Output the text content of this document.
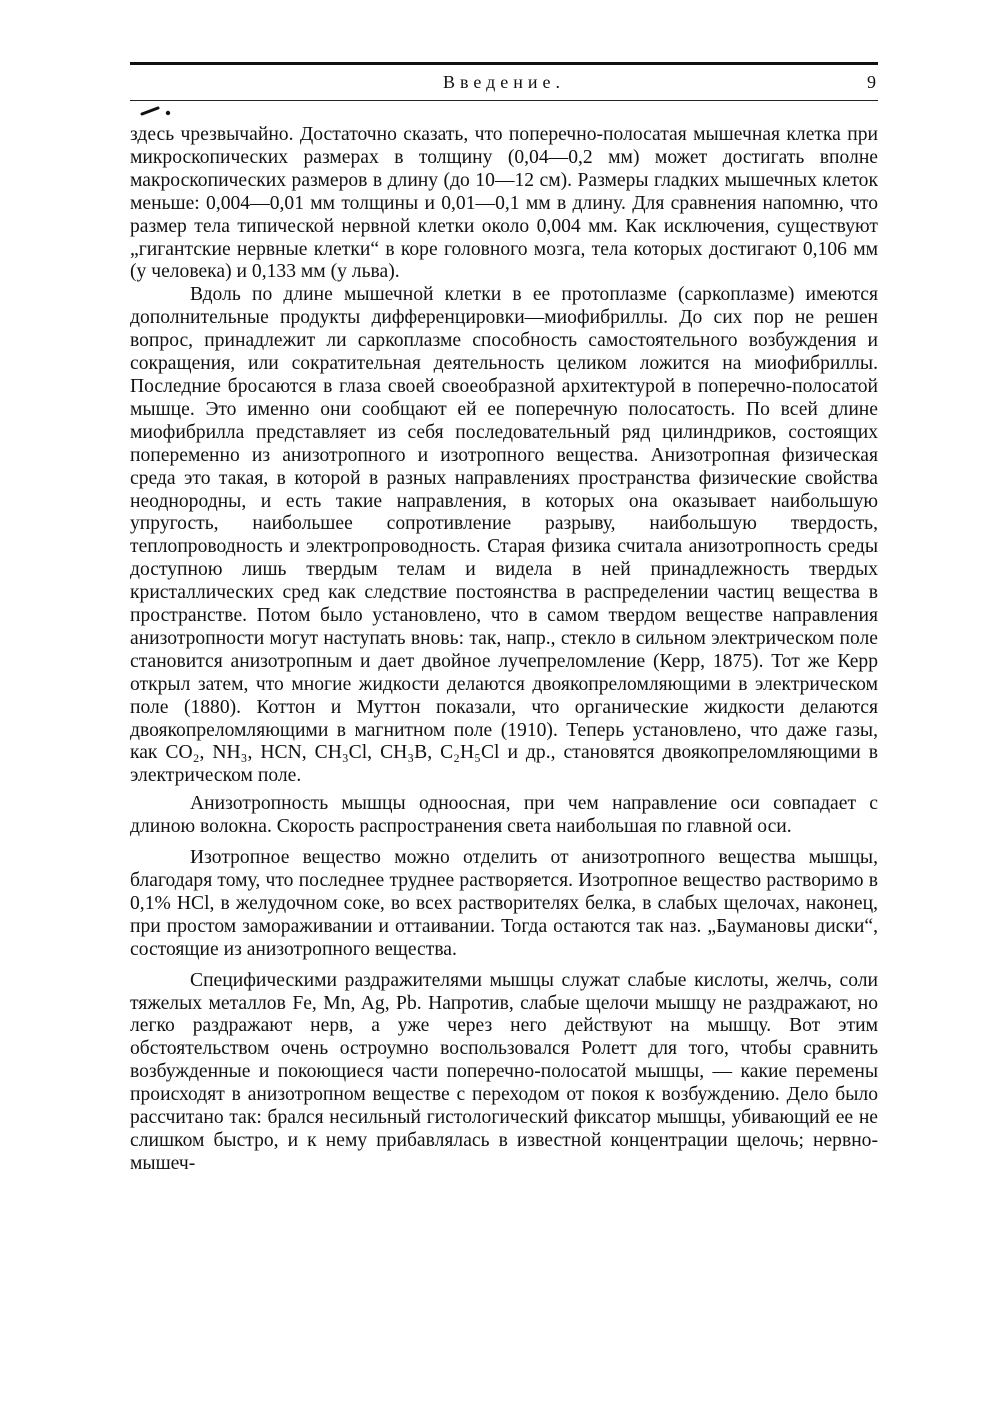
Введение.	9

здесь чрезвычайно. Достаточно сказать, что поперечно-полосатая мышечная клетка при микроскопических размерах в толщину (0,04—0,2 мм) может достигать вполне макроскопических размеров в длину (до 10—12 см). Размеры гладких мышечных клеток меньше: 0,004—0,01 мм толщины и 0,01—0,1 мм в длину. Для сравнения напомню, что размер тела типической нервной клетки около 0,004 мм. Как исключения, существуют „гигантские нервные клетки“ в коре головного мозга, тела которых достигают 0,106 мм (у человека) и 0,133 мм (у льва).

Вдоль по длине мышечной клетки в ее протоплазме (саркоплазме) имеются дополнительные продукты дифференцировки—миофибриллы. До сих пор не решен вопрос, принадлежит ли саркоплазме способность самостоятельного возбуждения и сокращения, или сократительная деятельность целиком ложится на миофибриллы. Последние бросаются в глаза своей своеобразной архитектурой в поперечно-полосатой мышце. Это именно они сообщают ей ее поперечную полосатость. По всей длине миофибрилла представляет из себя последовательный ряд цилиндриков, состоящих попеременно из анизотропного и изотропного вещества. Анизотропная физическая среда это такая, в которой в разных направлениях пространства физические свойства неоднородны, и есть такие направления, в которых она оказывает наибольшую упругость, наибольшее сопротивление разрыву, наибольшую твердость, теплопроводность и электропроводность. Старая физика считала анизотропность среды доступною лишь твердым телам и видела в ней принадлежность твердых кристаллических сред как следствие постоянства в распределении частиц вещества в пространстве. Потом было установлено, что в самом твердом веществе направления анизотропности могут наступать вновь: так, напр., стекло в сильном электрическом поле становится анизотропным и дает двойное лучепреломление (Керр, 1875). Тот же Керр открыл затем, что многие жидкости делаются двоякопреломляющими в электрическом поле (1880). Коттон и Муттон показали, что органические жидкости делаются двоякопреломляющими в магнитном поле (1910). Теперь установлено, что даже газы, как CO₂, NH₃, HCN, CH₃Cl, CH₃B, C₂H₅Cl и др., становятся двоякопреломляющими в электрическом поле.

Анизотропность мышцы одноосная, при чем направление оси совпадает с длиною волокна. Скорость распространения света наибольшая по главной оси.

Изотропное вещество можно отделить от анизотропного вещества мышцы, благодаря тому, что последнее труднее растворяется. Изотропное вещество растворимо в 0,1% HCl, в желудочном соке, во всех растворителях белка, в слабых щелочах, наконец, при простом замораживании и оттаивании. Тогда остаются так наз. „Бaумановы диски“, состоящие из анизотропного вещества.

Специфическими раздражителями мышцы служат слабые кислоты, желчь, соли тяжелых металлов Fe, Mn, Ag, Pb. Напротив, слабые щелочи мышцу не раздражают, но легко раздражают нерв, а уже через него действуют на мышцу. Вот этим обстоятельством очень остроумно воспользовался Ролетт для того, чтобы сравнить возбужденные и покоющиеся части поперечно-полосатой мышцы, — какие перемены происходят в анизотропном веществе с переходом от покоя к возбуждению. Дело было рассчитано так: брался несильный гистологический фиксатор мышцы, убивающий ее не слишком быстро, и к нему прибавлялась в известной концентрации щелочь; нервно-мышеч-
